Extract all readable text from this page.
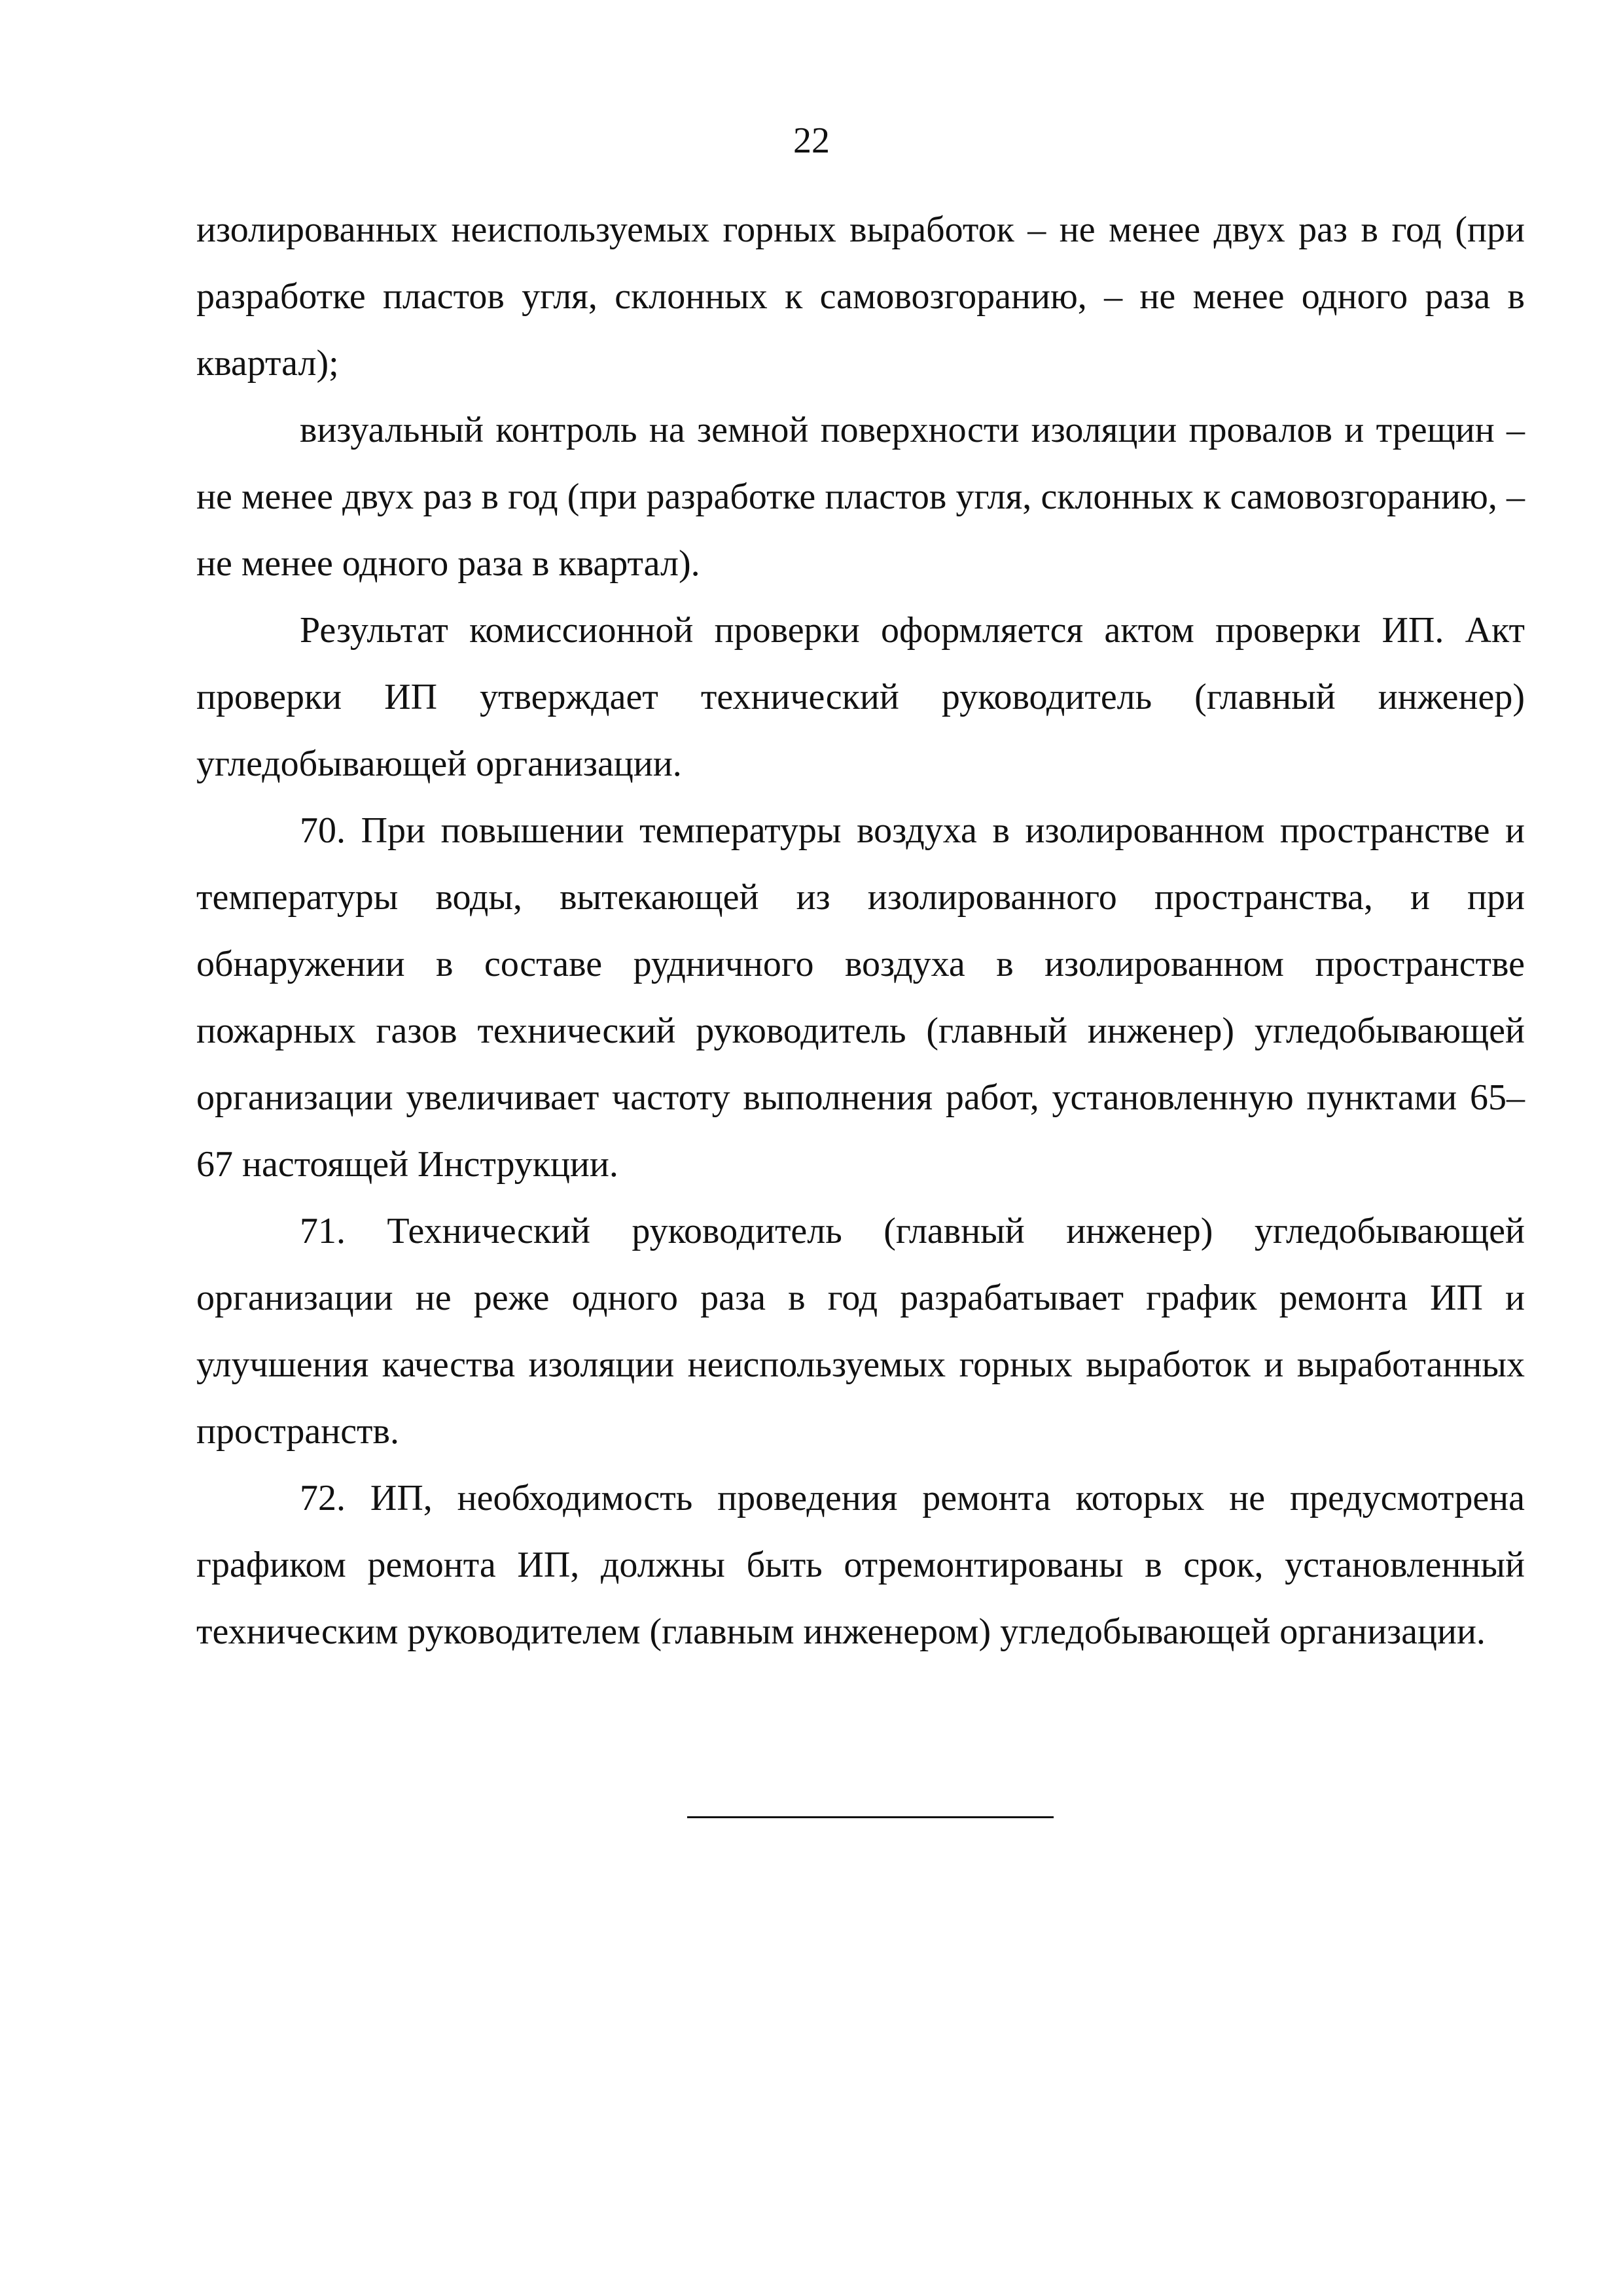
22

изолированных неиспользуемых горных выработок – не менее двух раз в год (при разработке пластов угля, склонных к самовозгоранию, – не менее одного раза в квартал);

визуальный контроль на земной поверхности изоляции провалов и трещин – не менее двух раз в год (при разработке пластов угля, склонных к самовозгоранию, – не менее одного раза в квартал).

Результат комиссионной проверки оформляется актом проверки ИП. Акт проверки ИП утверждает технический руководитель (главный инженер) угледобывающей организации.

70. При повышении температуры воздуха в изолированном пространстве и температуры воды, вытекающей из изолированного пространства, и при обнаружении в составе рудничного воздуха в изолированном пространстве пожарных газов технический руководитель (главный инженер) угледобывающей организации увеличивает частоту выполнения работ, установленную пунктами 65–67 настоящей Инструкции.

71. Технический руководитель (главный инженер) угледобывающей организации не реже одного раза в год разрабатывает график ремонта ИП и улучшения качества изоляции неиспользуемых горных выработок и выработанных пространств.

72. ИП, необходимость проведения ремонта которых не предусмотрена графиком ремонта ИП, должны быть отремонтированы в срок, установленный техническим руководителем (главным инженером) угледобывающей организации.
